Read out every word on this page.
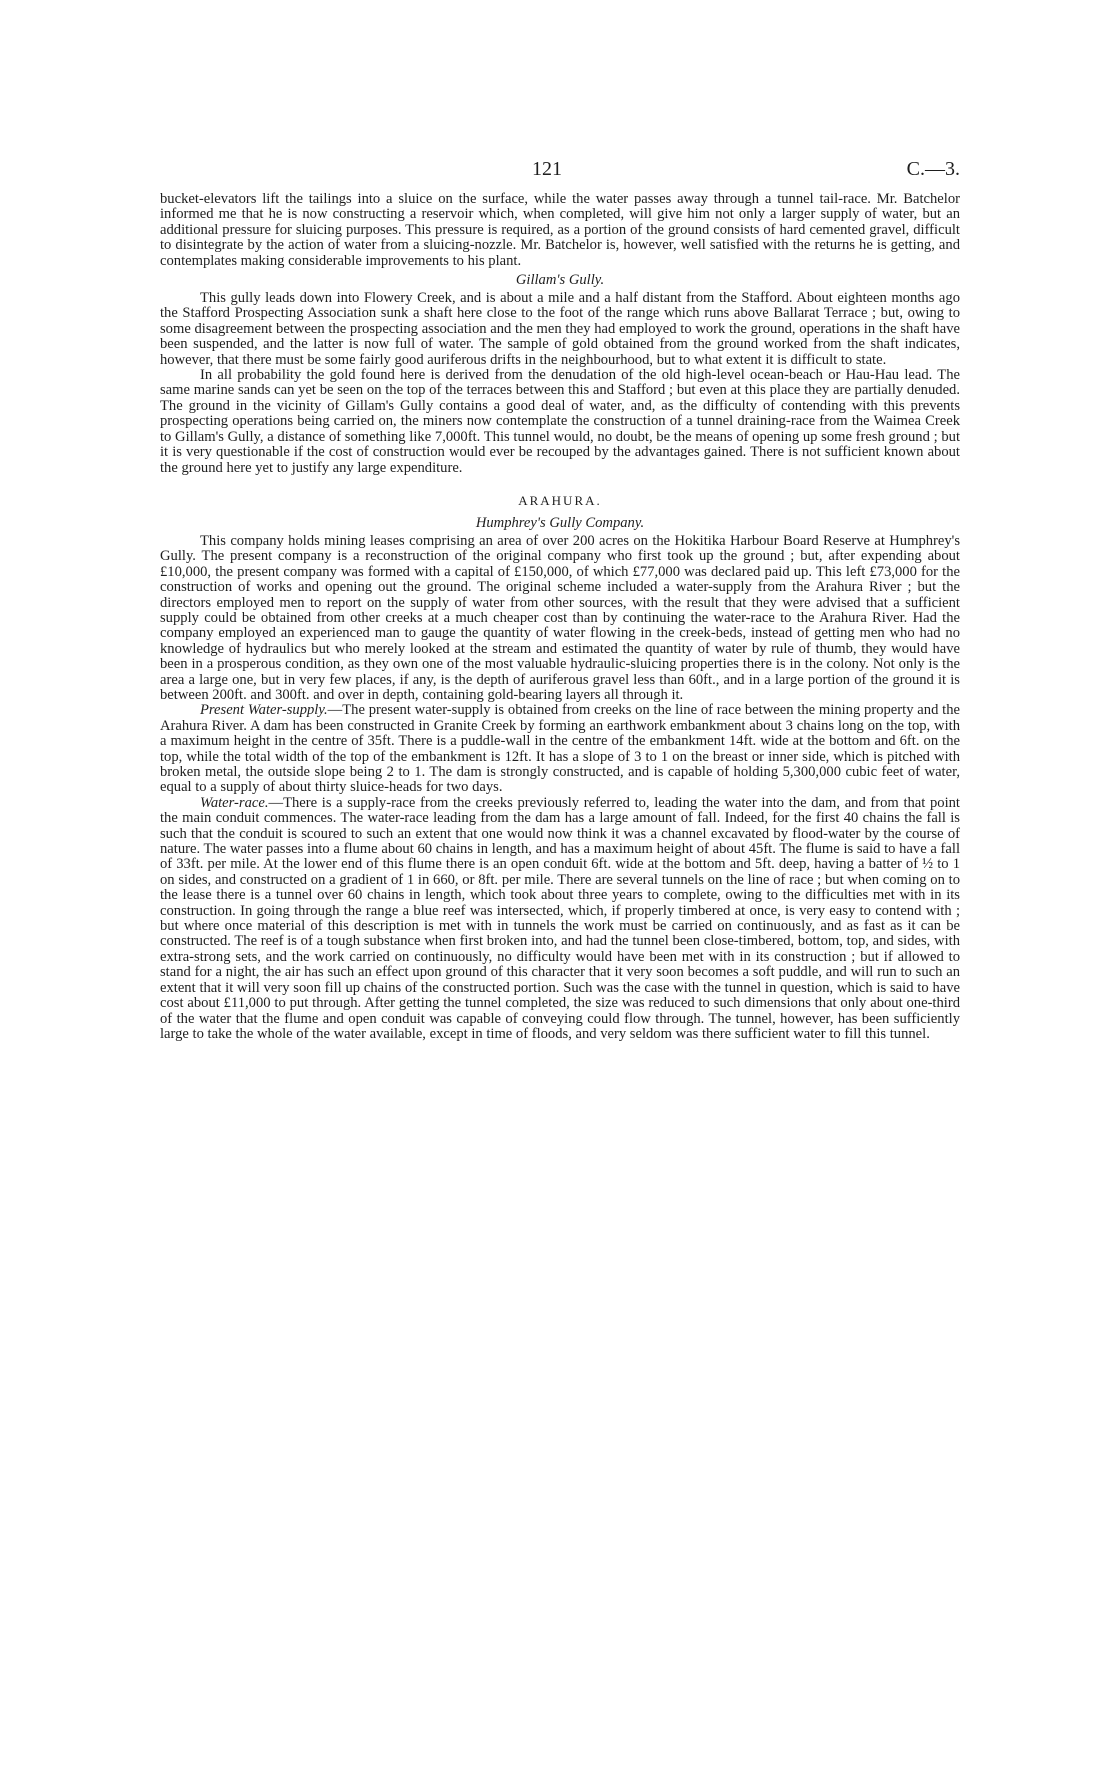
121	C.—3.

bucket-elevators lift the tailings into a sluice on the surface, while the water passes away through a tunnel tail-race. Mr. Batchelor informed me that he is now constructing a reservoir which, when completed, will give him not only a larger supply of water, but an additional pressure for sluicing purposes. This pressure is required, as a portion of the ground consists of hard cemented gravel, difficult to disintegrate by the action of water from a sluicing-nozzle. Mr. Batchelor is, however, well satisfied with the returns he is getting, and contemplates making considerable improvements to his plant.

Gillam's Gully.

This gully leads down into Flowery Creek, and is about a mile and a half distant from the Stafford. About eighteen months ago the Stafford Prospecting Association sunk a shaft here close to the foot of the range which runs above Ballarat Terrace ; but, owing to some disagreement between the prospecting association and the men they had employed to work the ground, operations in the shaft have been suspended, and the latter is now full of water. The sample of gold obtained from the ground worked from the shaft indicates, however, that there must be some fairly good auriferous drifts in the neighbourhood, but to what extent it is difficult to state.

In all probability the gold found here is derived from the denudation of the old high-level ocean-beach or Hau-Hau lead. The same marine sands can yet be seen on the top of the terraces between this and Stafford ; but even at this place they are partially denuded. The ground in the vicinity of Gillam's Gully contains a good deal of water, and, as the difficulty of contending with this prevents prospecting operations being carried on, the miners now contemplate the construction of a tunnel draining-race from the Waimea Creek to Gillam's Gully, a distance of something like 7,000ft. This tunnel would, no doubt, be the means of opening up some fresh ground ; but it is very questionable if the cost of construction would ever be recouped by the advantages gained. There is not sufficient known about the ground here yet to justify any large expenditure.

ARAHURA.
Humphrey's Gully Company.

This company holds mining leases comprising an area of over 200 acres on the Hokitika Harbour Board Reserve at Humphrey's Gully. The present company is a reconstruction of the original company who first took up the ground ; but, after expending about £10,000, the present company was formed with a capital of £150,000, of which £77,000 was declared paid up. This left £73,000 for the construction of works and opening out the ground. The original scheme included a water-supply from the Arahura River ; but the directors employed men to report on the supply of water from other sources, with the result that they were advised that a sufficient supply could be obtained from other creeks at a much cheaper cost than by continuing the water-race to the Arahura River. Had the company employed an experienced man to gauge the quantity of water flowing in the creek-beds, instead of getting men who had no knowledge of hydraulics but who merely looked at the stream and estimated the quantity of water by rule of thumb, they would have been in a prosperous condition, as they own one of the most valuable hydraulic-sluicing properties there is in the colony. Not only is the area a large one, but in very few places, if any, is the depth of auriferous gravel less than 60ft., and in a large portion of the ground it is between 200ft. and 300ft. and over in depth, containing gold-bearing layers all through it.

Present Water-supply.—The present water-supply is obtained from creeks on the line of race between the mining property and the Arahura River. A dam has been constructed in Granite Creek by forming an earthwork embankment about 3 chains long on the top, with a maximum height in the centre of 35ft. There is a puddle-wall in the centre of the embankment 14ft. wide at the bottom and 6ft. on the top, while the total width of the top of the embankment is 12ft. It has a slope of 3 to 1 on the breast or inner side, which is pitched with broken metal, the outside slope being 2 to 1. The dam is strongly constructed, and is capable of holding 5,300,000 cubic feet of water, equal to a supply of about thirty sluice-heads for two days.

Water-race.—There is a supply-race from the creeks previously referred to, leading the water into the dam, and from that point the main conduit commences. The water-race leading from the dam has a large amount of fall. Indeed, for the first 40 chains the fall is such that the conduit is scoured to such an extent that one would now think it was a channel excavated by flood-water by the course of nature. The water passes into a flume about 60 chains in length, and has a maximum height of about 45ft. The flume is said to have a fall of 33ft. per mile. At the lower end of this flume there is an open conduit 6ft. wide at the bottom and 5ft. deep, having a batter of ½ to 1 on sides, and constructed on a gradient of 1 in 660, or 8ft. per mile. There are several tunnels on the line of race ; but when coming on to the lease there is a tunnel over 60 chains in length, which took about three years to complete, owing to the difficulties met with in its construction. In going through the range a blue reef was intersected, which, if properly timbered at once, is very easy to contend with ; but where once material of this description is met with in tunnels the work must be carried on continuously, and as fast as it can be constructed. The reef is of a tough substance when first broken into, and had the tunnel been close-timbered, bottom, top, and sides, with extra-strong sets, and the work carried on continuously, no difficulty would have been met with in its construction ; but if allowed to stand for a night, the air has such an effect upon ground of this character that it very soon becomes a soft puddle, and will run to such an extent that it will very soon fill up chains of the constructed portion. Such was the case with the tunnel in question, which is said to have cost about £11,000 to put through. After getting the tunnel completed, the size was reduced to such dimensions that only about one-third of the water that the flume and open conduit was capable of conveying could flow through. The tunnel, however, has been sufficiently large to take the whole of the water available, except in time of floods, and very seldom was there sufficient water to fill this tunnel.
